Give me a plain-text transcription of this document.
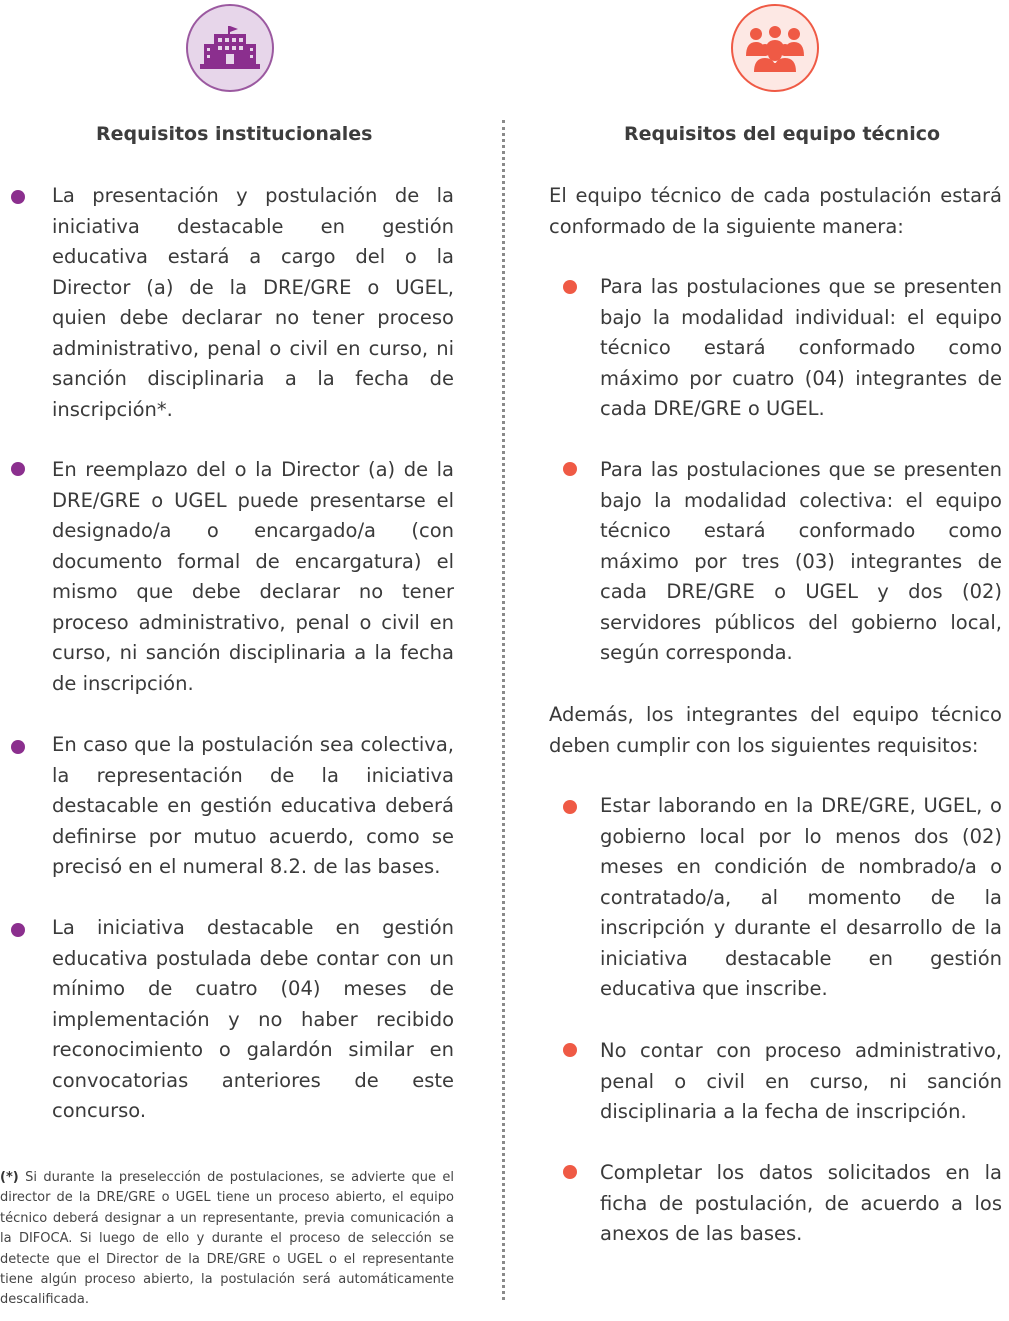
Requisitos institucionales

La presentación y postulación de la iniciativa destacable en gestión educativa estará a cargo del o la Director (a) de la DRE/GRE o UGEL, quien debe declarar no tener proceso administrativo, penal o civil en curso, ni sanción disciplinaria a la fecha de inscripción*.

En reemplazo del o la Director (a) de la DRE/GRE o UGEL puede presentarse el designado/a o encargado/a (con documento formal de encargatura) el mismo que debe declarar no tener proceso administrativo, penal o civil en curso, ni sanción disciplinaria a la fecha de inscripción.

En caso que la postulación sea colectiva, la representación de la iniciativa destacable en gestión educativa deberá definirse por mutuo acuerdo, como se precisó en el numeral 8.2. de las bases.

La iniciativa destacable en gestión educativa postulada debe contar con un mínimo de cuatro (04) meses de implementación y no haber recibido reconocimiento o galardón similar en convocatorias anteriores de este concurso.

(*) Si durante la preselección de postulaciones, se advierte que el director de la DRE/GRE o UGEL tiene un proceso abierto, el equipo técnico deberá designar a un representante, previa comunicación a la DIFOCA. Si luego de ello y durante el proceso de selección se detecte que el Director de la DRE/GRE o UGEL o el representante tiene algún proceso abierto, la postulación será automáticamente descalificada.
Requisitos del equipo técnico

El equipo técnico de cada postulación estará conformado de la siguiente manera:

Para las postulaciones que se presenten bajo la modalidad individual: el equipo técnico estará conformado como máximo por cuatro (04) integrantes de cada DRE/GRE o UGEL.

Para las postulaciones que se presenten bajo la modalidad colectiva: el equipo técnico estará conformado como máximo por tres (03) integrantes de cada DRE/GRE o UGEL y dos (02) servidores públicos del gobierno local, según corresponda.

Además, los integrantes del equipo técnico deben cumplir con los siguientes requisitos:

Estar laborando en la DRE/GRE, UGEL, o gobierno local por lo menos dos (02) meses en condición de nombrado/a o contratado/a, al momento de la inscripción y durante el desarrollo de la iniciativa destacable en gestión educativa que inscribe.

No contar con proceso administrativo, penal o civil en curso, ni sanción disciplinaria a la fecha de inscripción.

Completar los datos solicitados en la ficha de postulación, de acuerdo a los anexos de las bases.
